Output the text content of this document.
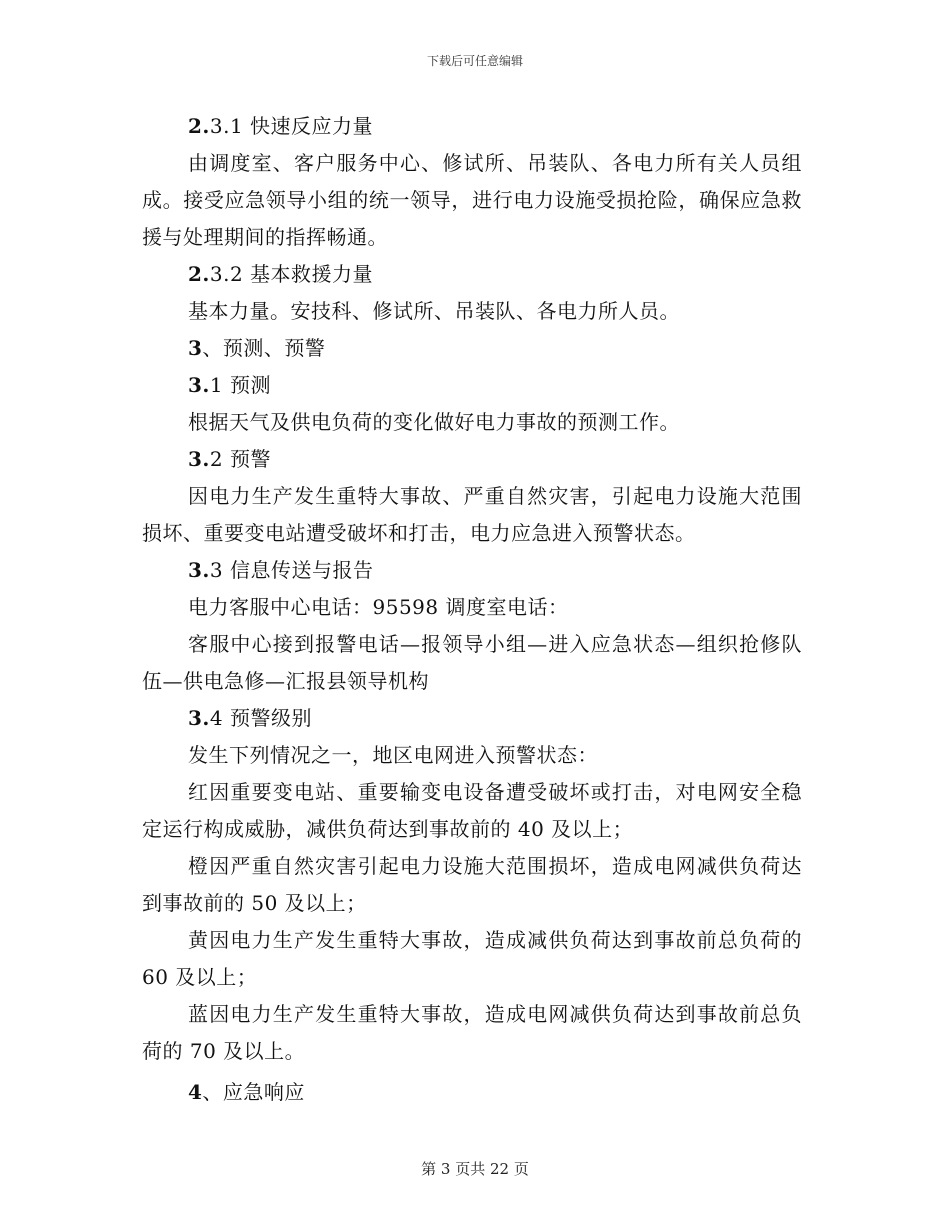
下载后可任意编辑
2.3.1 快速反应力量
由调度室、客户服务中心、修试所、吊装队、各电力所有关人员组成。接受应急领导小组的统一领导，进行电力设施受损抢险，确保应急救援与处理期间的指挥畅通。
2.3.2 基本救援力量
基本力量。安技科、修试所、吊装队、各电力所人员。
3、预测、预警
3.1 预测
根据天气及供电负荷的变化做好电力事故的预测工作。
3.2 预警
因电力生产发生重特大事故、严重自然灾害，引起电力设施大范围损坏、重要变电站遭受破坏和打击，电力应急进入预警状态。
3.3 信息传送与报告
电力客服中心电话：95598 调度室电话：
客服中心接到报警电话—报领导小组—进入应急状态—组织抢修队伍—供电急修—汇报县领导机构
3.4 预警级别
发生下列情况之一，地区电网进入预警状态：
红因重要变电站、重要输变电设备遭受破坏或打击，对电网安全稳定运行构成威胁，减供负荷达到事故前的 40 及以上；
橙因严重自然灾害引起电力设施大范围损坏，造成电网减供负荷达到事故前的 50 及以上；
黄因电力生产发生重特大事故，造成减供负荷达到事故前总负荷的 60 及以上；
蓝因电力生产发生重特大事故，造成电网减供负荷达到事故前总负荷的 70 及以上。
4、应急响应
第 3 页共 22 页
